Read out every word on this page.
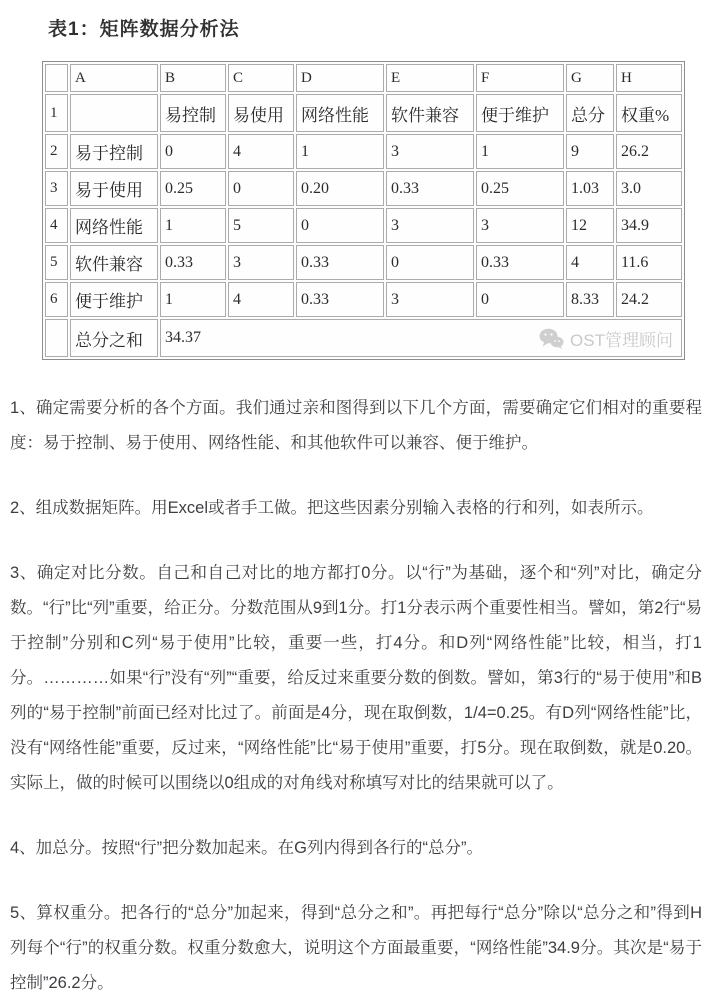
表1：矩阵数据分析法
	A	B	C	D	E	F	G	H
1		易控制	易使用	网络性能	软件兼容	便于维护	总分	权重%
2	易于控制	0	4	1	3	1	9	26.2
3	易于使用	0.25	0	0.20	0.33	0.25	1.03	3.0
4	网络性能	1	5	0	3	3	12	34.9
5	软件兼容	0.33	3	0.33	0	0.33	4	11.6
6	便于维护	1	4	0.33	3	0	8.33	24.2
	总分之和	34.37 OST管理顾问						

1、确定需要分析的各个方面。我们通过亲和图得到以下几个方面，需要确定它们相对的重要程度：易于控制、易于使用、网络性能、和其他软件可以兼容、便于维护。

2、组成数据矩阵。用Excel或者手工做。把这些因素分别输入表格的行和列，如表所示。

3、确定对比分数。自己和自己对比的地方都打0分。以“行”为基础，逐个和“列”对比，确定分数。“行”比“列”重要，给正分。分数范围从9到1分。打1分表示两个重要性相当。譬如，第2行“易于控制”分别和C列“易于使用”比较，重要一些，打4分。和D列“网络性能”比较，相当，打1分。…………如果“行”没有“列”“重要，给反过来重要分数的倒数。譬如，第3行的“易于使用”和B列的“易于控制”前面已经对比过了。前面是4分，现在取倒数，1/4=0.25。有D列“网络性能”比，没有“网络性能”重要，反过来，“网络性能”比“易于使用”重要，打5分。现在取倒数，就是0.20。实际上，做的时候可以围绕以0组成的对角线对称填写对比的结果就可以了。

4、加总分。按照“行”把分数加起来。在G列内得到各行的“总分”。

5、算权重分。把各行的“总分”加起来，得到“总分之和”。再把每行“总分”除以“总分之和”得到H列每个“行”的权重分数。权重分数愈大，说明这个方面最重要，“网络性能”34.9分。其次是“易于控制”26.2分。
